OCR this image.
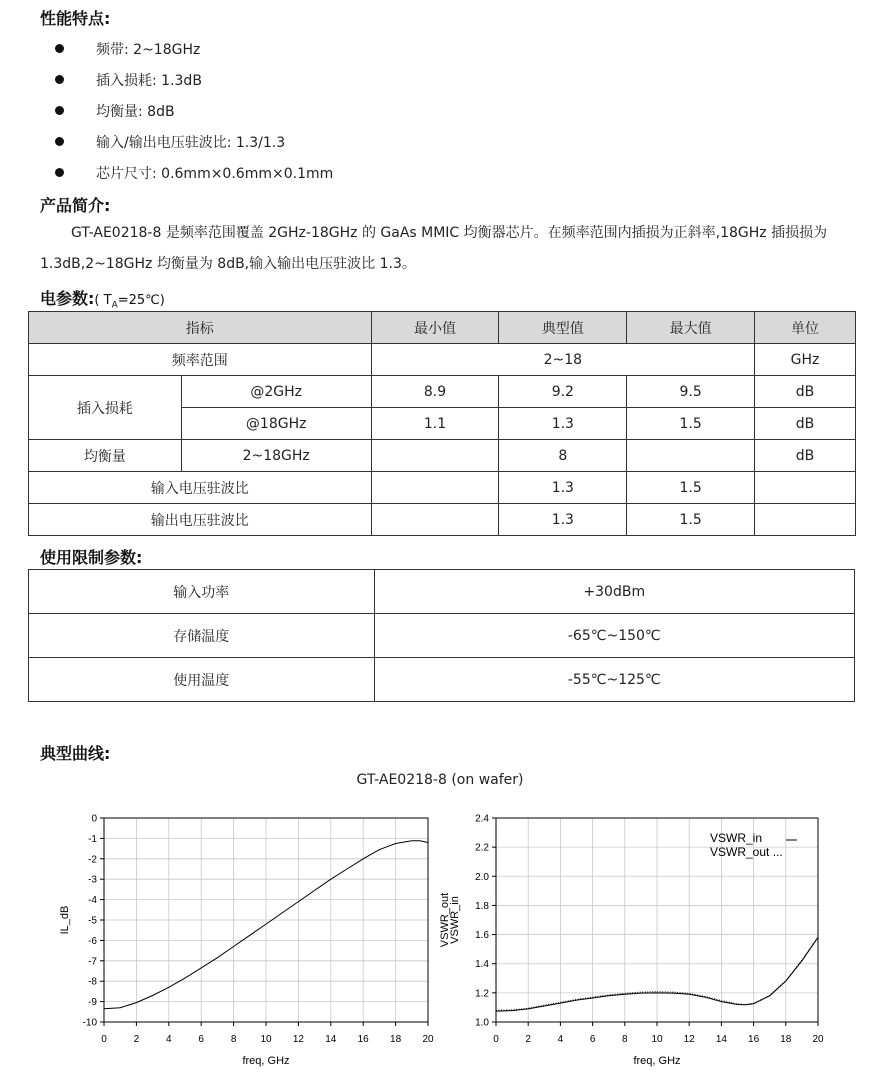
性能特点:
频带: 2~18GHz
插入损耗: 1.3dB
均衡量: 8dB
输入/输出电压驻波比: 1.3/1.3
芯片尺寸: 0.6mm×0.6mm×0.1mm
产品简介:
GT-AE0218-8 是频率范围覆盖 2GHz-18GHz 的 GaAs MMIC 均衡器芯片。在频率范围内插损为正斜率,18GHz 插损损为 1.3dB,2~18GHz 均衡量为 8dB,输入输出电压驻波比 1.3。
电参数:( $T_A=25℃$)
指标		最小值	典型值	最大值	单位
频率范围		2~18			GHz
插入损耗	@2GHz	8.9	9.2	9.5	dB
	@18GHz	1.1	1.3	1.5	dB
均衡量	2~18GHz		8		dB
输入电压驻波比			1.3	1.5	
输出电压驻波比			1.3	1.5	
使用限制参数:
输入功率	+30dBm
存储温度	-65℃~150℃
使用温度	-55℃~125℃
典型曲线:
GT-AE0218-8 (on wafer)
0	2	4	6	8 10 12 14 16 18 20
0
-1
-2
-3
-4
-5
-6
-7
-8
-9
-10
freq, GHz
IL_dB
0	2	4	6	8 10 12 14 16 18 20
1.0
1.2
1.4
1.6
1.8
2.0
2.2
2.4
freq, GHz
VSWR_out
VSWR_in
VSWR_in
VSWR_out ...
